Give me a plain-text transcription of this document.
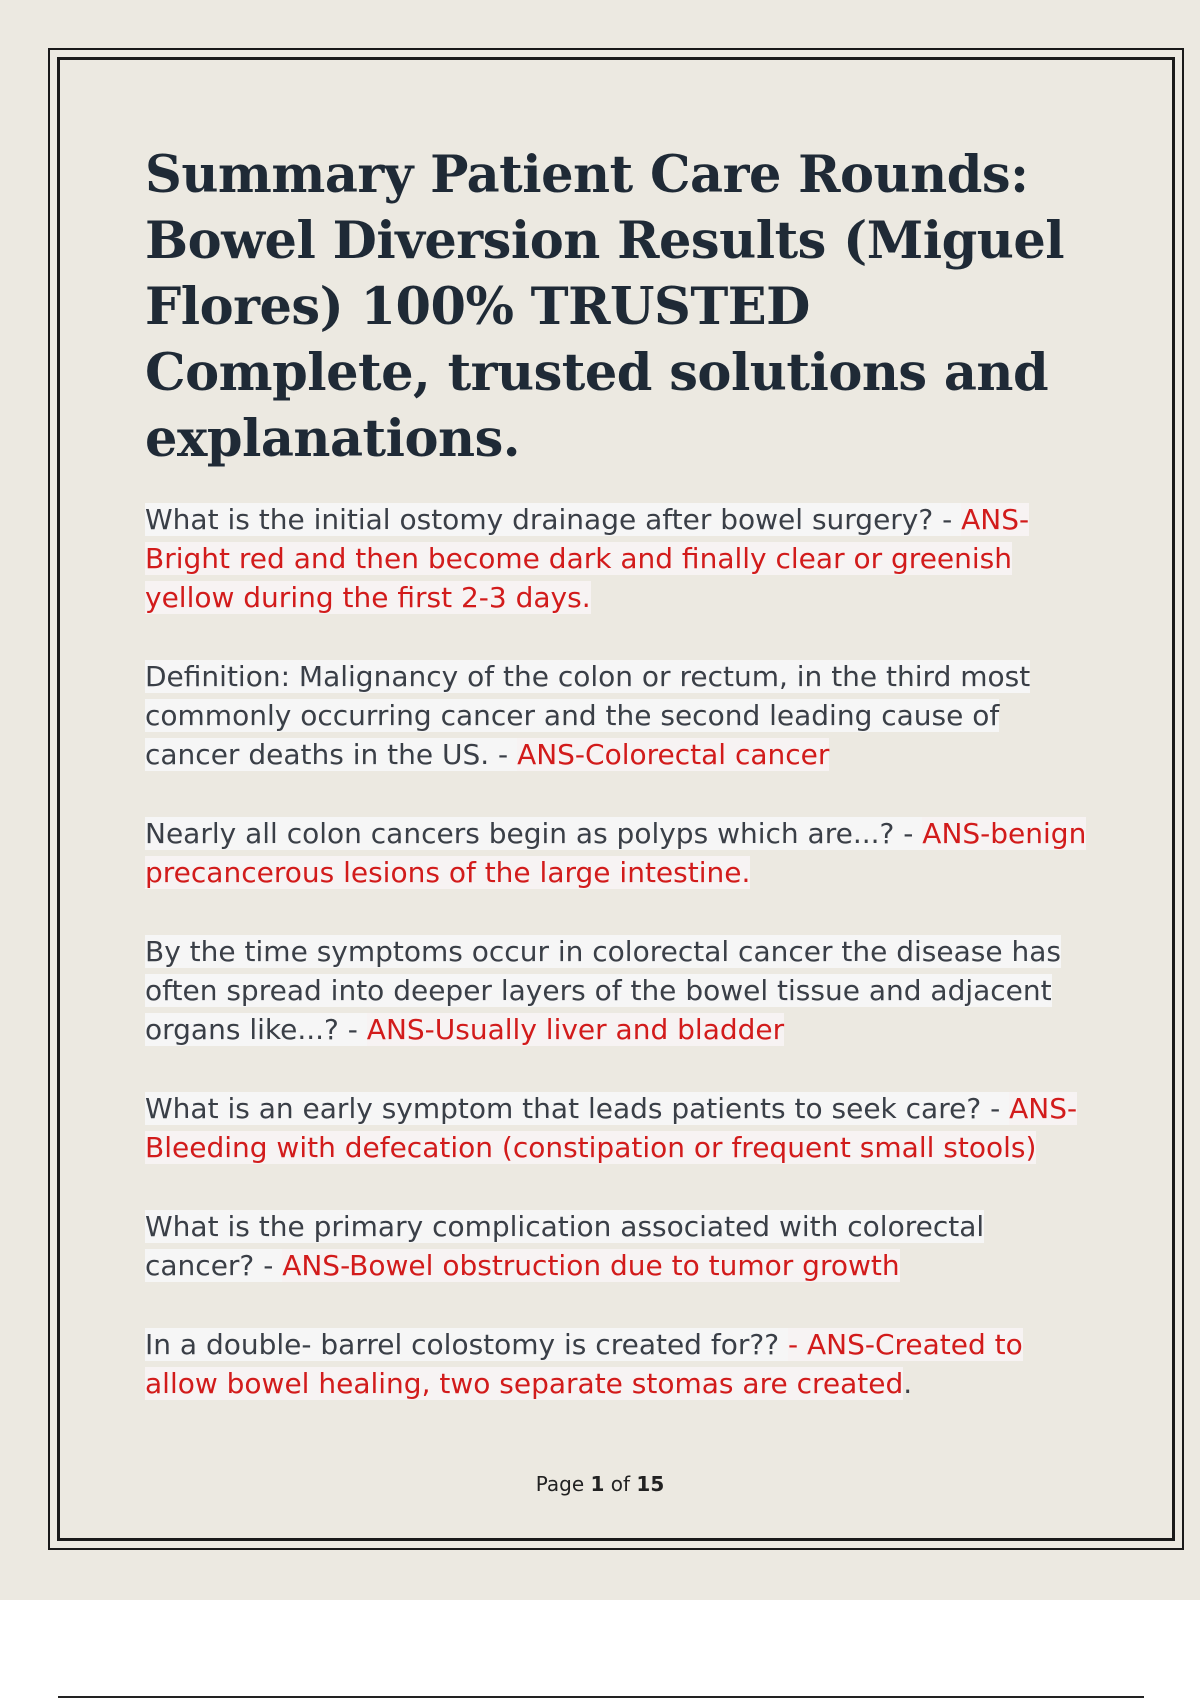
Summary Patient Care Rounds: Bowel Diversion Results (Miguel Flores) 100% TRUSTED Complete, trusted solutions and explanations.

What is the initial ostomy drainage after bowel surgery? - ANS-Bright red and then become dark and finally clear or greenish yellow during the first 2-3 days.

Definition: Malignancy of the colon or rectum, in the third most commonly occurring cancer and the second leading cause of cancer deaths in the US. - ANS-Colorectal cancer

Nearly all colon cancers begin as polyps which are...? - ANS-benign precancerous lesions of the large intestine.

By the time symptoms occur in colorectal cancer the disease has often spread into deeper layers of the bowel tissue and adjacent organs like...? - ANS-Usually liver and bladder

What is an early symptom that leads patients to seek care? - ANS-Bleeding with defecation (constipation or frequent small stools)

What is the primary complication associated with colorectal cancer? - ANS-Bowel obstruction due to tumor growth

In a double- barrel colostomy is created for?? - ANS-Created to allow bowel healing, two separate stomas are created.

Page 1 of 15
